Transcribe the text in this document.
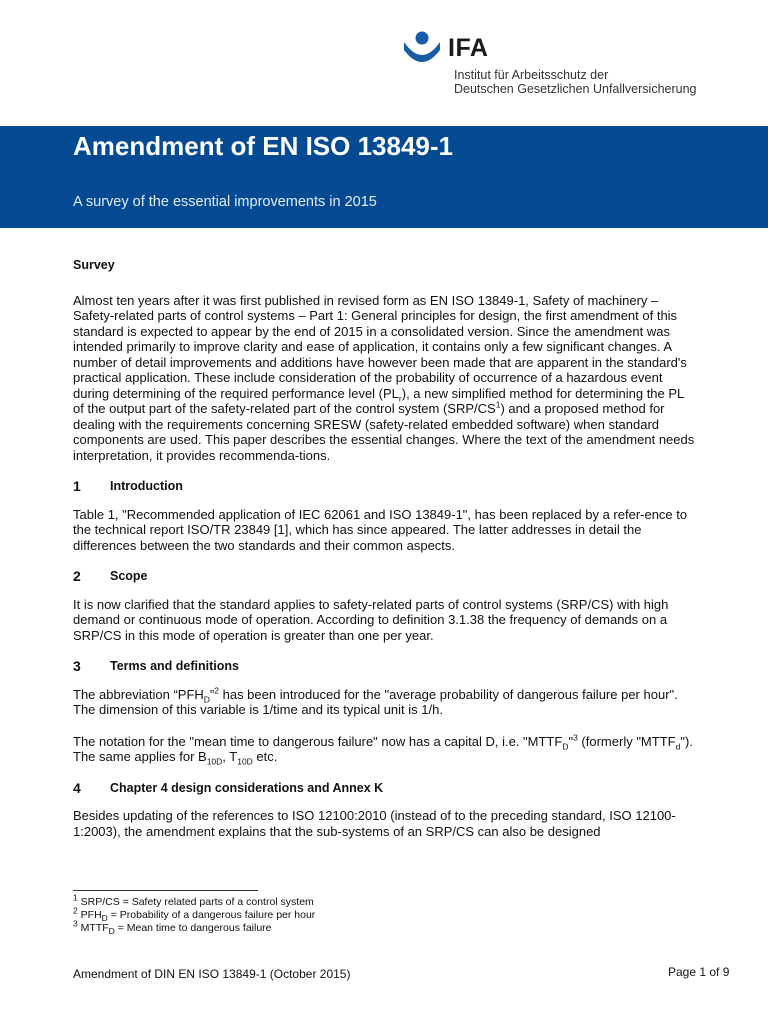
IFA
Institut für Arbeitsschutz der
Deutschen Gesetzlichen Unfallversicherung
Amendment of EN ISO 13849-1

A survey of the essential improvements in 2015

Survey

Almost ten years after it was first published in revised form as EN ISO 13849-1, Safety of machinery – Safety-related parts of control systems – Part 1: General principles for design, the first amendment of this standard is expected to appear by the end of 2015 in a consolidated version. Since the amendment was intended primarily to improve clarity and ease of application, it contains only a few significant changes. A number of detail improvements and additions have however been made that are apparent in the standard's practical application. These include consideration of the probability of occurrence of a hazardous event during determining of the required performance level $(PL_r)$, a new simplified method for determining the PL of the output part of the safety-related part of the control system $(SRP/CS^1)$ and a proposed method for dealing with the requirements concerning SRESW (safety-related embedded software) when standard components are used. This paper describes the essential changes. Where the text of the amendment needs interpretation, it provides recommenda-tions.

1	Introduction

Table 1, "Recommended application of IEC 62061 and ISO 13849-1", has been replaced by a refer-ence to the technical report ISO/TR 23849 [1], which has since appeared. The latter addresses in detail the differences between the two standards and their common aspects.

2	Scope

It is now clarified that the standard applies to safety-related parts of control systems (SRP/CS) with high demand or continuous mode of operation. According to definition 3.1.38 the frequency of demands on a SRP/CS in this mode of operation is greater than one per year.

3	Terms and definitions

The abbreviation “$PFH_D”^2$ has been introduced for the "average probability of dangerous failure per hour". The dimension of this variable is 1/time and its typical unit is 1/h.

The notation for the "mean time to dangerous failure" now has a capital D, i.e. "$MTTF_D"^3$ (formerly "$MTTF_d$"). The same applies for $B_{10D}$, $T_{10D}$ etc.

4	Chapter 4 design considerations and Annex K

Besides updating of the references to ISO 12100:2010 (instead of to the preceding standard, ISO 12100-1:2003), the amendment explains that the sub-systems of an SRP/CS can also be designed

$^1$ SRP/CS = Safety related parts of a control system
$^2$ $PFH_D$ = Probability of a dangerous failure per hour
$^3$ $MTTF_D$ = Mean time to dangerous failure
Amendment of DIN EN ISO 13849-1 (October 2015)	Page 1 of 9
